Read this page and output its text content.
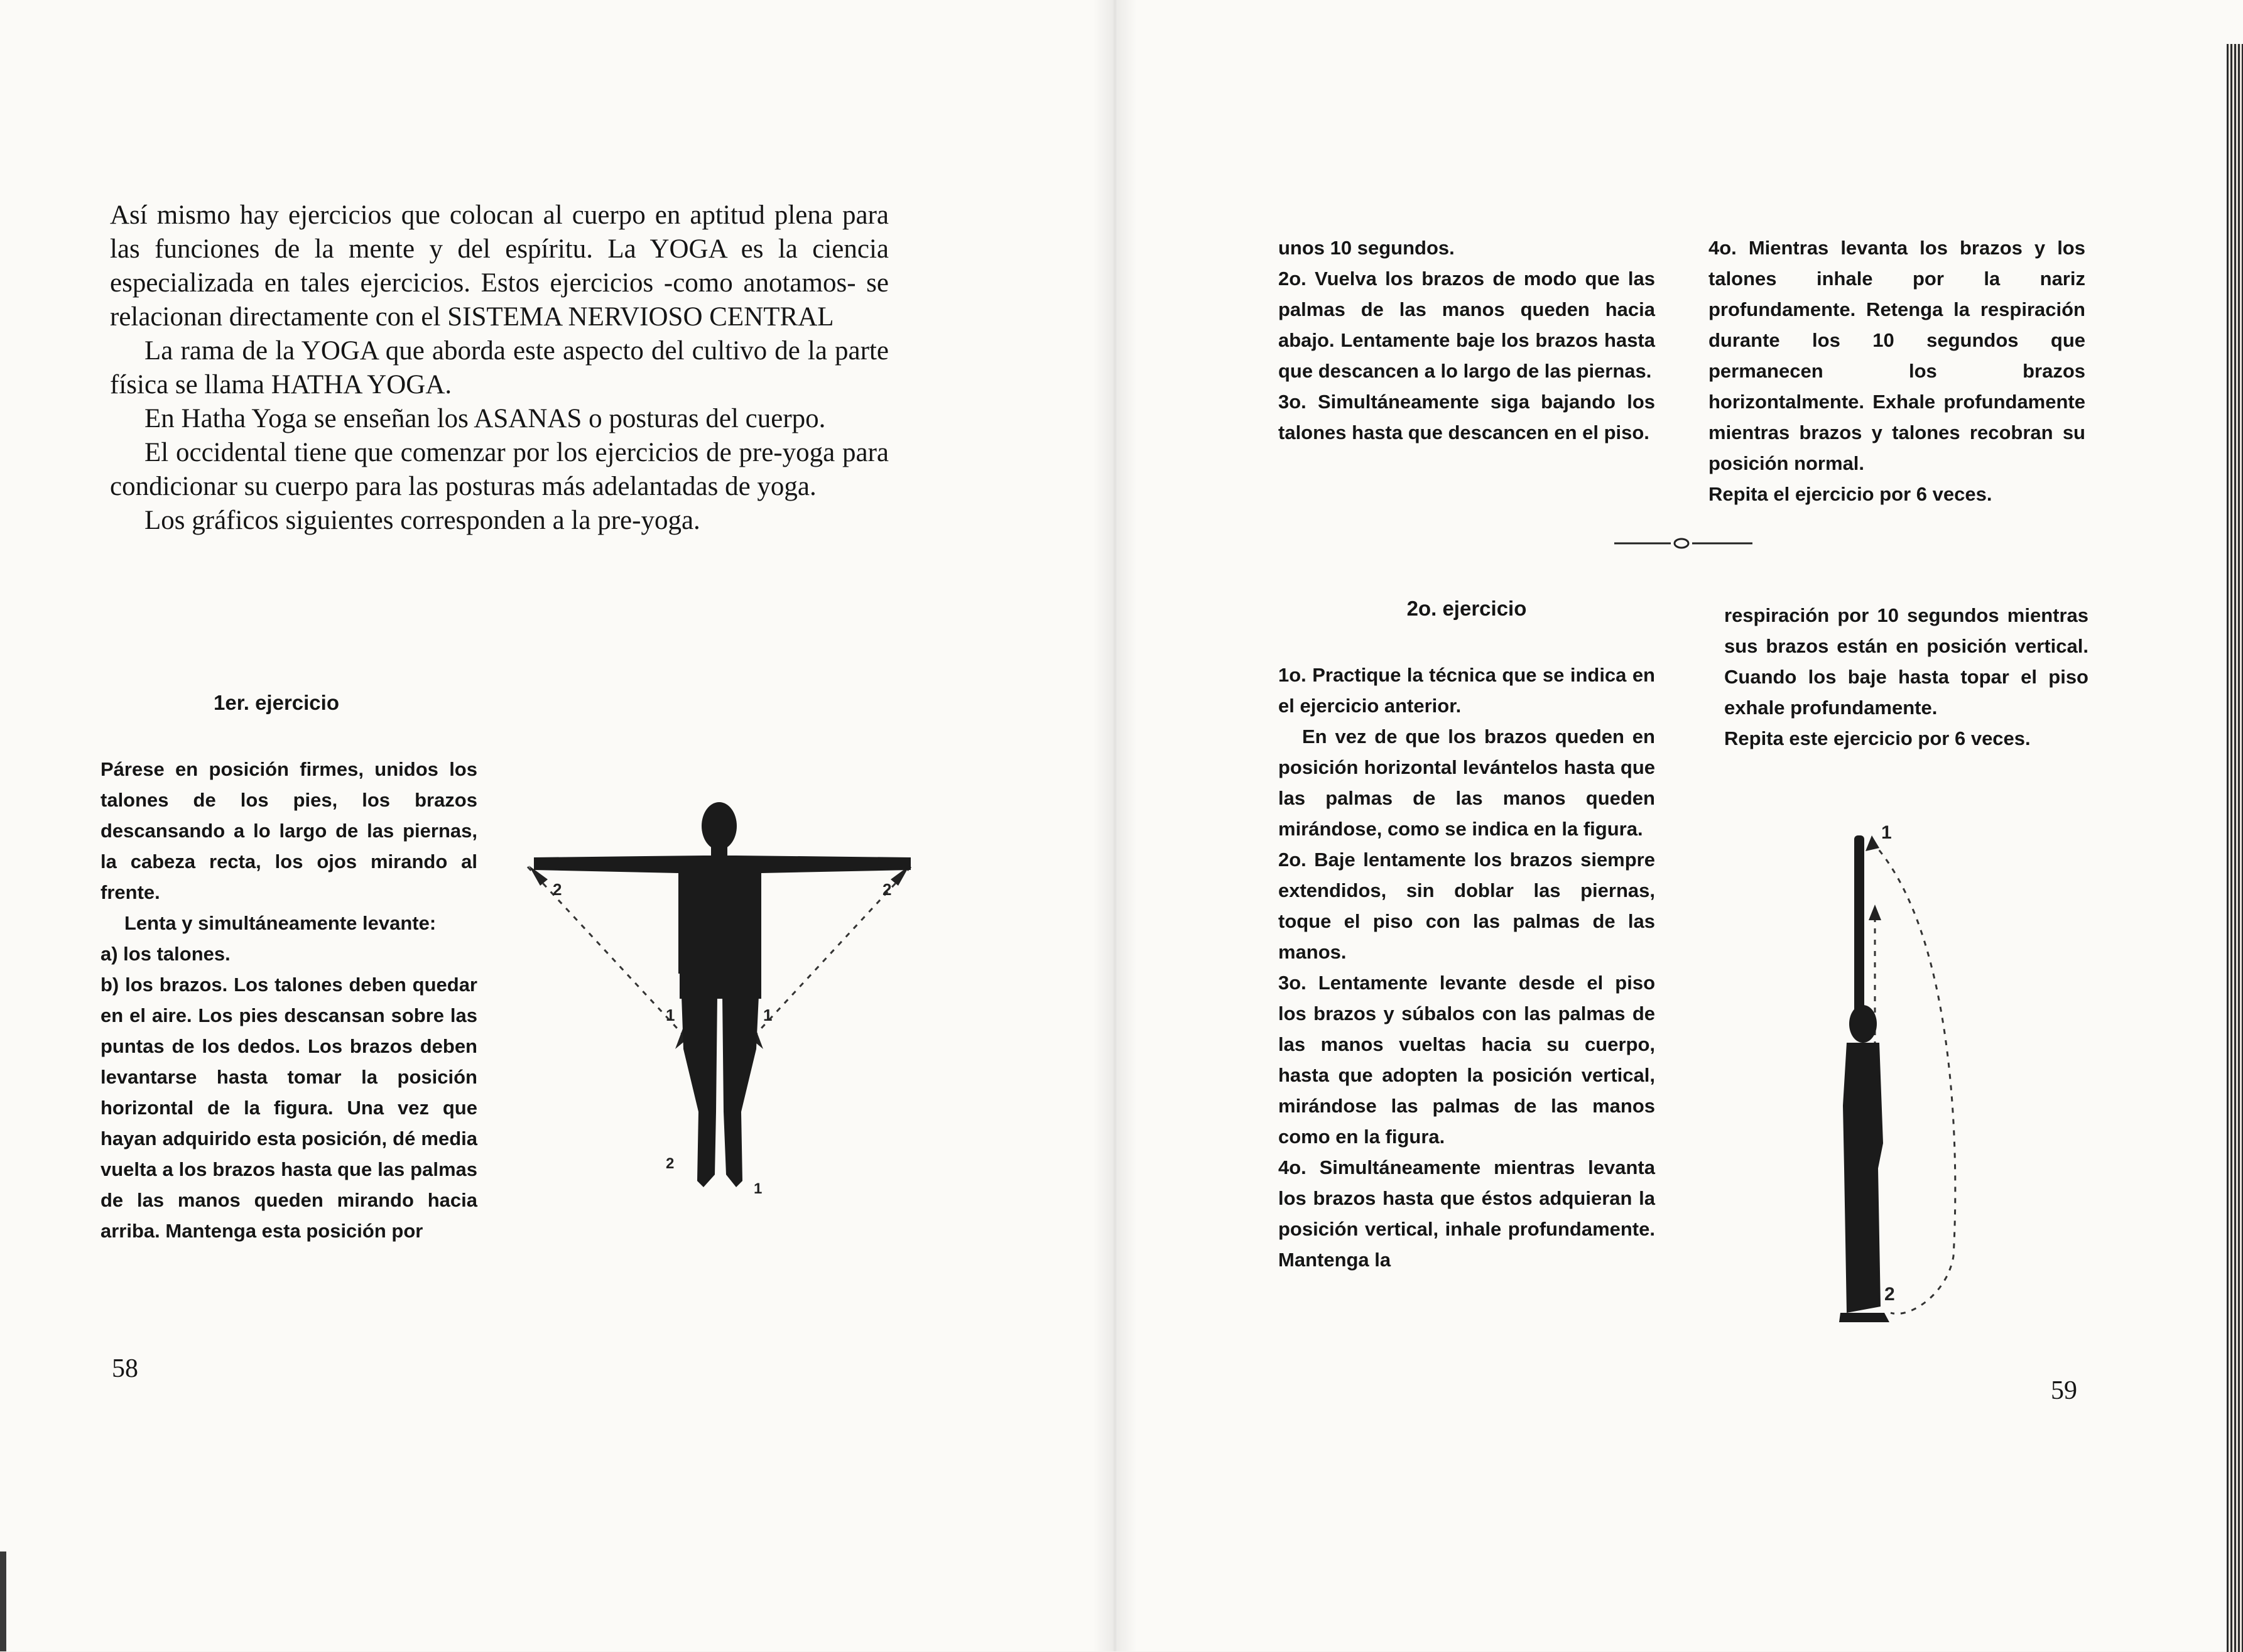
Así mismo hay ejercicios que colocan al cuerpo en aptitud plena para las funciones de la mente y del espíritu. La YOGA es la ciencia especializada en tales ejercicios. Estos ejercicios -como anotamos- se relacionan directamente con el SISTEMA NERVIOSO CENTRAL

La rama de la YOGA que aborda este aspecto del cultivo de la parte física se llama HATHA YOGA.

En Hatha Yoga se enseñan los ASANAS o posturas del cuerpo.

El occidental tiene que comenzar por los ejercicios de pre-yoga para condicionar su cuerpo para las posturas más adelantadas de yoga.

Los gráficos siguientes corresponden a la pre-yoga.

1er. ejercicio

Párese en posición firmes, unidos los talones de los pies, los brazos descansando a lo largo de las piernas, la cabeza recta, los ojos mirando al frente.

Lenta y simultáneamente levante:

a) los talones.

b) los brazos. Los talones deben quedar en el aire. Los pies descansan sobre las puntas de los dedos. Los brazos deben levantarse hasta tomar la posición horizontal de la figura. Una vez que hayan adquirido esta posición, dé media vuelta a los brazos hasta que las palmas de las manos queden mirando hacia arriba. Mantenga esta posición por

2	2
1	1
2
1
58

unos 10 segundos.

2o. Vuelva los brazos de modo que las palmas de las manos queden hacia abajo. Lentamente baje los brazos hasta que descancen a lo largo de las piernas.

3o. Simultáneamente siga bajando los talones hasta que descancen en el piso.

4o. Mientras levanta los brazos y los talones inhale por la nariz profundamente. Retenga la respiración durante los 10 segundos que permanecen los brazos horizontalmente. Exhale profundamente mientras brazos y talones recobran su posición normal.

Repita el ejercicio por 6 veces.

2o. ejercicio

1o. Practique la técnica que se indica en el ejercicio anterior.

En vez de que los brazos queden en posición horizontal levántelos hasta que las palmas de las manos queden mirándose, como se indica en la figura.

2o. Baje lentamente los brazos siempre extendidos, sin doblar las piernas, toque el piso con las palmas de las manos.

3o. Lentamente levante desde el piso los brazos y súbalos con las palmas de las manos vueltas hacia su cuerpo, hasta que adopten la posición vertical, mirándose las palmas de las manos como en la figura.

4o. Simultáneamente mientras levanta los brazos hasta que éstos adquieran la posición vertical, inhale profundamente. Mantenga la

respiración por 10 segundos mientras sus brazos están en posición vertical. Cuando los baje hasta topar el piso exhale profundamente.

Repita este ejercicio por 6 veces.

1
2
59
